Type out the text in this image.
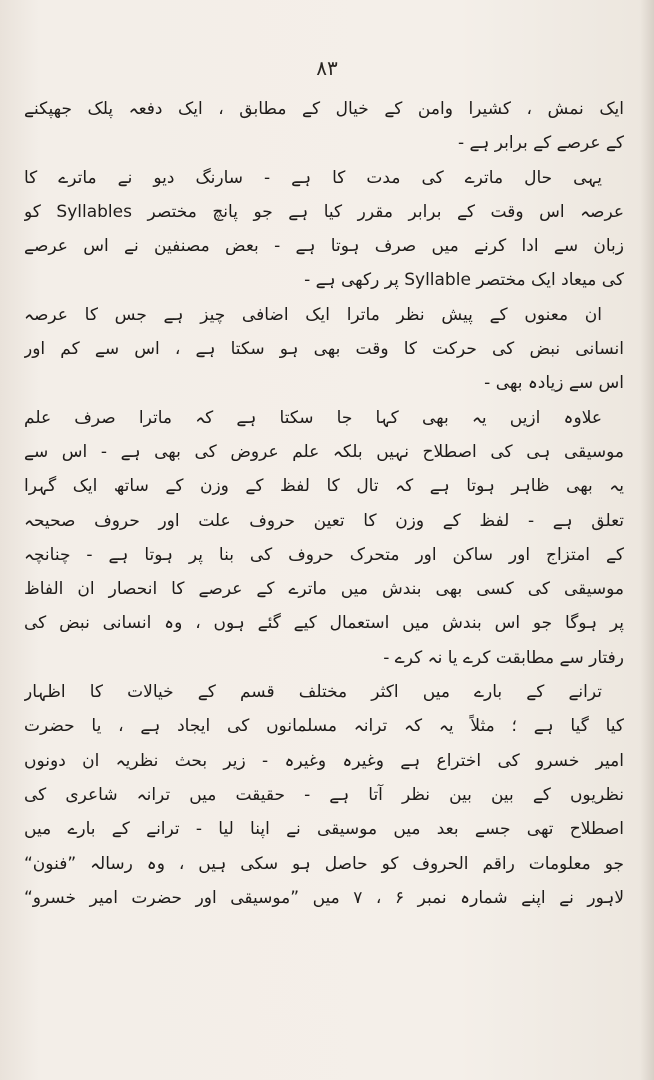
۸۳
ایک نمش ، کشیرا وامن کے خیال کے مطابق ، ایک دفعہ پلک جھپکنے
کے عرصے کے برابر ہے -
یہی حال ماترے کی مدت کا ہے - سارنگ دیو نے ماترے کا
عرصہ اس وقت کے برابر مقرر کیا ہے جو پانچ مختصر Syllables کو
زبان سے ادا کرنے میں صرف ہوتا ہے - بعض مصنفین نے اس عرصے
کی میعاد ایک مختصر Syllable پر رکھی ہے -
ان معنوں کے پیش نظر ماترا ایک اضافی چیز ہے جس کا عرصہ
انسانی نبض کی حرکت کا وقت بھی ہو سکتا ہے ، اس سے کم اور
اس سے زیادہ بھی -
علاوہ ازیں یہ بھی کہا جا سکتا ہے کہ ماترا صرف علم
موسیقی ہی کی اصطلاح نہیں بلکہ علم عروض کی بھی ہے - اس سے
یہ بھی ظاہر ہوتا ہے کہ تال کا لفظ کے وزن کے ساتھ ایک گہرا
تعلق ہے - لفظ کے وزن کا تعین حروف علت اور حروف صحیحہ
کے امتزاج اور ساکن اور متحرک حروف کی بنا پر ہوتا ہے - چنانچہ
موسیقی کی کسی بھی بندش میں ماترے کے عرصے کا انحصار ان الفاظ
پر ہوگا جو اس بندش میں استعمال کیے گئے ہوں ، وہ انسانی نبض کی
رفتار سے مطابقت کرے یا نہ کرے -
ترانے کے بارے میں اکثر مختلف قسم کے خیالات کا اظہار
کیا گیا ہے ؛ مثلاً یہ کہ ترانہ مسلمانوں کی ایجاد ہے ، یا حضرت
امیر خسرو کی اختراع ہے وغیرہ وغیرہ - زیر بحث نظریہ ان دونوں
نظریوں کے بین بین نظر آتا ہے - حقیقت میں ترانہ شاعری کی
اصطلاح تھی جسے بعد میں موسیقی نے اپنا لیا - ترانے کے بارے میں
جو معلومات راقم الحروف کو حاصل ہو سکی ہیں ، وہ رسالہ ”فنون“
لاہور نے اپنے شمارہ نمبر ۶ ، ۷ میں ”موسیقی اور حضرت امیر خسرو“
